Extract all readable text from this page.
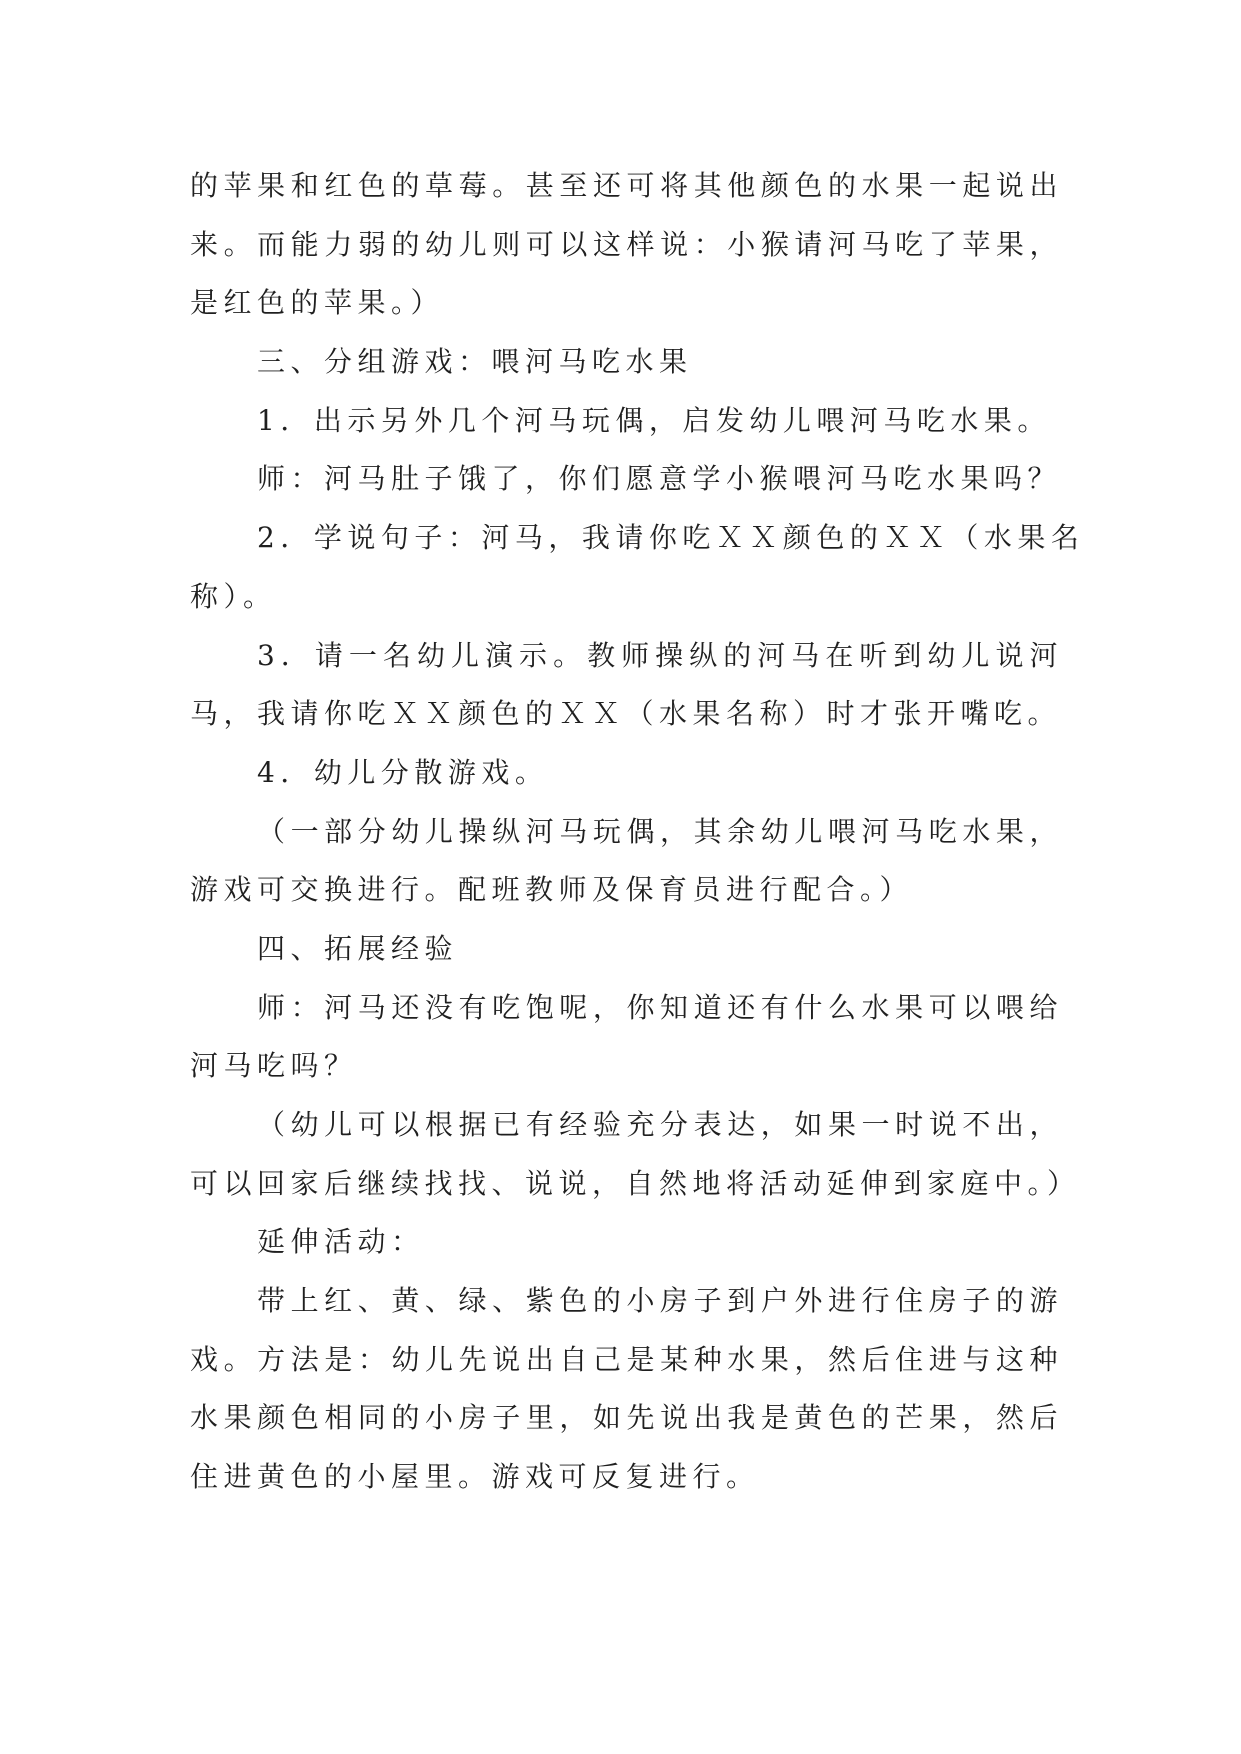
的苹果和红色的草莓。甚至还可将其他颜色的水果一起说出
来。而能力弱的幼儿则可以这样说：小猴请河马吃了苹果，
是红色的苹果。）
三、分组游戏：喂河马吃水果
1．出示另外几个河马玩偶，启发幼儿喂河马吃水果。
师：河马肚子饿了，你们愿意学小猴喂河马吃水果吗？
2．学说句子：河马，我请你吃ＸＸ颜色的ＸＸ（水果名
称）。
3．请一名幼儿演示。教师操纵的河马在听到幼儿说河
马，我请你吃ＸＸ颜色的ＸＸ（水果名称）时才张开嘴吃。
4．幼儿分散游戏。
（一部分幼儿操纵河马玩偶，其余幼儿喂河马吃水果，
游戏可交换进行。配班教师及保育员进行配合。）
四、拓展经验
师：河马还没有吃饱呢，你知道还有什么水果可以喂给
河马吃吗？
（幼儿可以根据已有经验充分表达，如果一时说不出，
可以回家后继续找找、说说，自然地将活动延伸到家庭中。）
延伸活动：
带上红、黄、绿、紫色的小房子到户外进行住房子的游
戏。方法是：幼儿先说出自己是某种水果，然后住进与这种
水果颜色相同的小房子里，如先说出我是黄色的芒果，然后
住进黄色的小屋里。游戏可反复进行。
